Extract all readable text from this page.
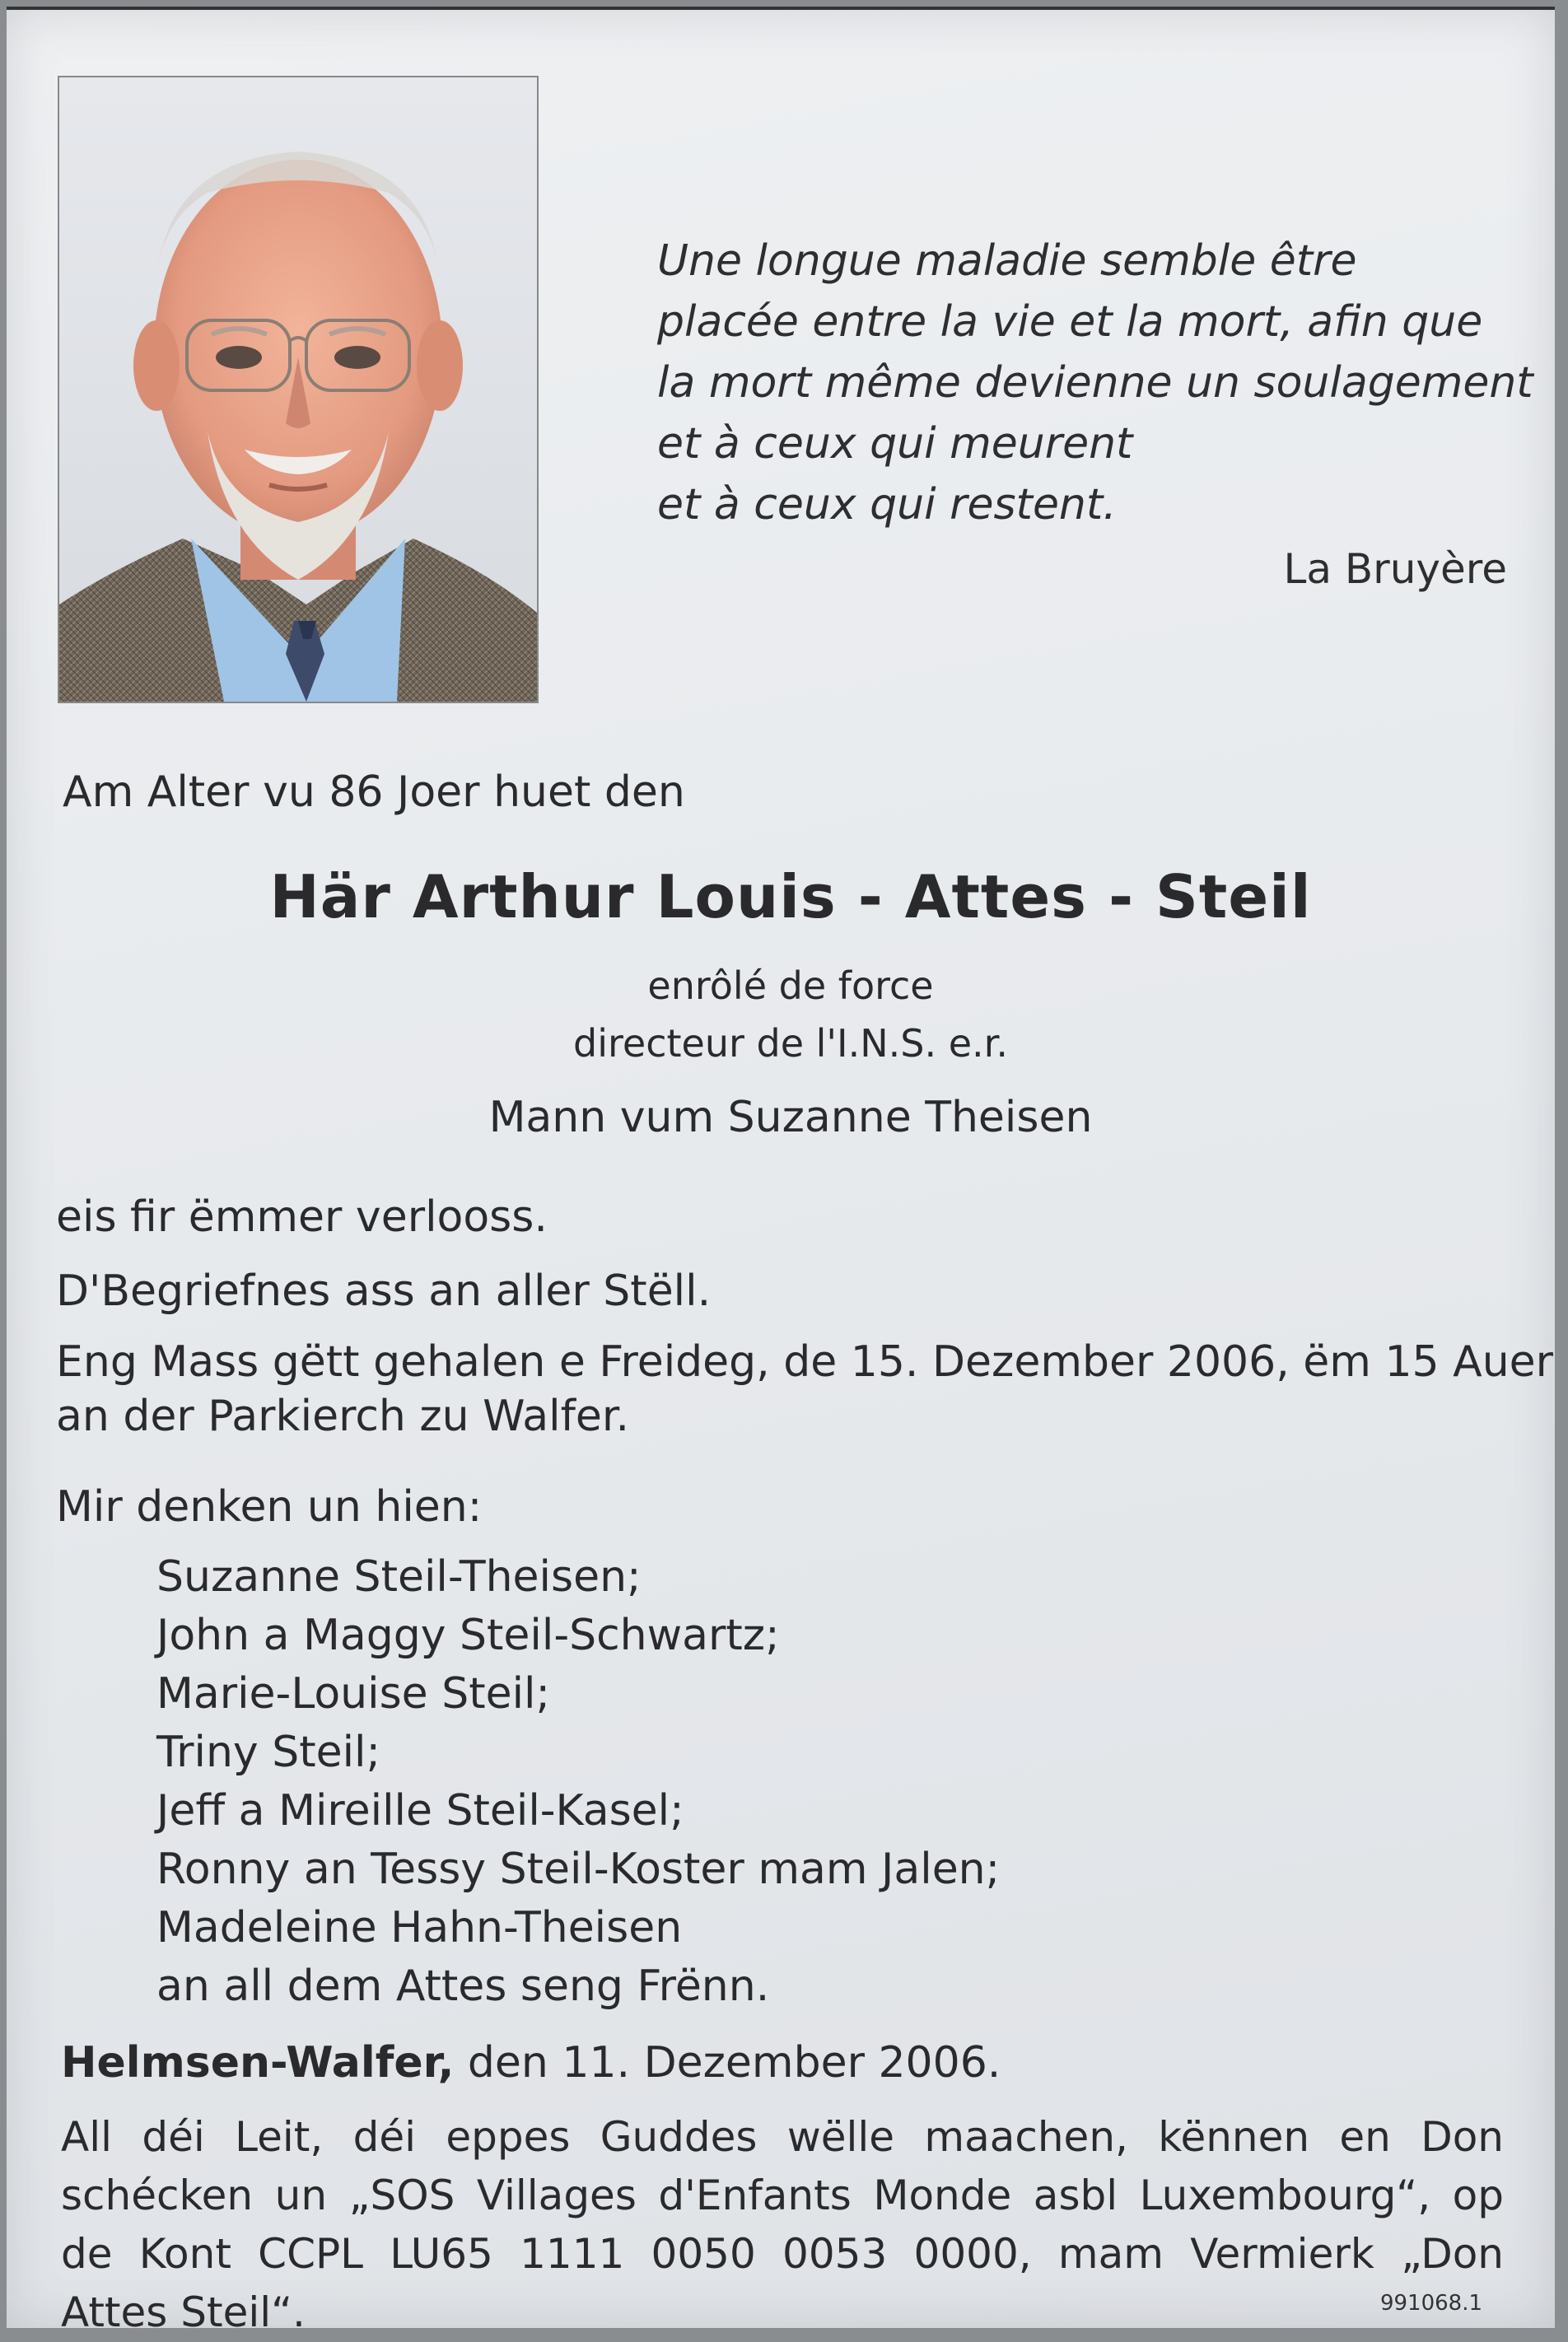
Une longue maladie semble être
placée entre la vie et la mort, afin que
la mort même devienne un soulagement
et à ceux qui meurent
et à ceux qui restent.
La Bruyère
Am Alter vu 86 Joer huet den
Här Arthur Louis - Attes - Steil
enrôlé de force
directeur de l'I.N.S. e.r.
Mann vum Suzanne Theisen
eis fir ëmmer verlooss.
D'Begriefnes ass an aller Stëll.
Eng Mass gëtt gehalen e Freideg, de 15. Dezember 2006, ëm 15 Auer
an der Parkierch zu Walfer.
Mir denken un hien:
Suzanne Steil-Theisen;
John a Maggy Steil-Schwartz;
Marie-Louise Steil;
Triny Steil;
Jeff a Mireille Steil-Kasel;
Ronny an Tessy Steil-Koster mam Jalen;
Madeleine Hahn-Theisen
an all dem Attes seng Frënn.
Helmsen-Walfer, den 11. Dezember 2006.
All déi Leit, déi eppes Guddes wëlle maachen, kënnen en Don
schécken un „SOS Villages d'Enfants Monde asbl Luxembourg“, op
de Kont CCPL LU65 1111 0050 0053 0000, mam Vermierk „Don
Attes Steil“.	991068.1
